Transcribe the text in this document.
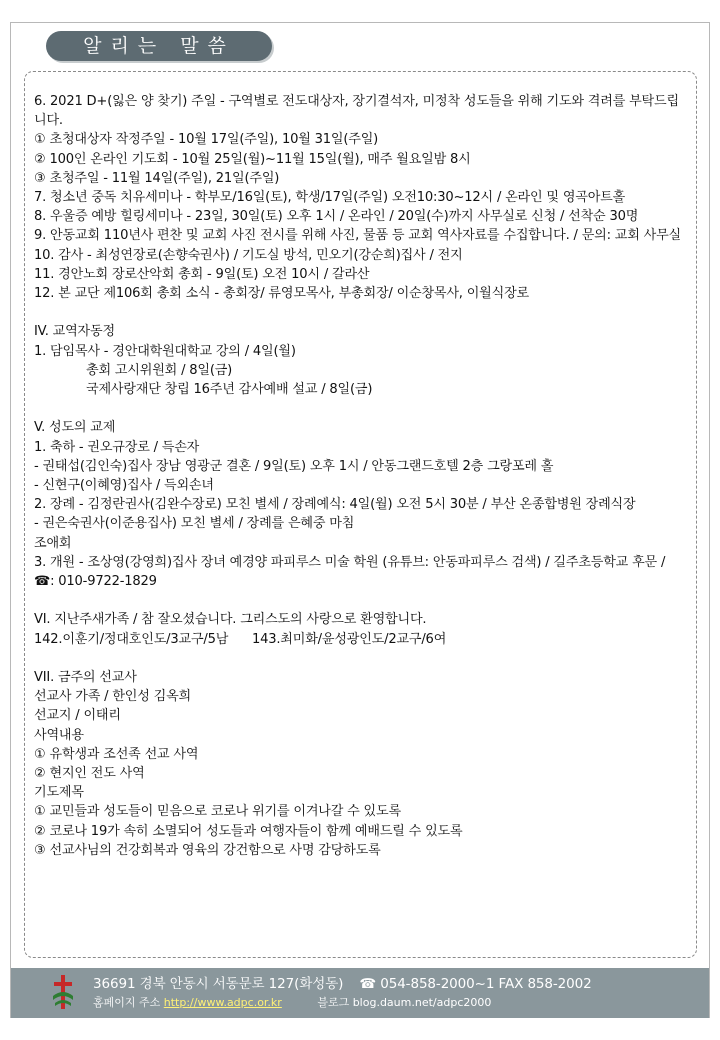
알리는 말씀
6. 2021 D+(잃은 양 찾기) 주일 - 구역별로 전도대상자, 장기결석자, 미정착 성도들을 위해 기도와 격려를 부탁드립니다.
① 초청대상자 작정주일 - 10월 17일(주일), 10월 31일(주일)
② 100인 온라인 기도회 - 10월 25일(월)~11월 15일(월), 매주 월요일밤 8시
③ 초청주일 - 11월 14일(주일), 21일(주일)
7. 청소년 중독 치유세미나 - 학부모/16일(토), 학생/17일(주일) 오전10:30~12시 / 온라인 및 영곡아트홀
8. 우울증 예방 힐링세미나 - 23일, 30일(토) 오후 1시 / 온라인 / 20일(수)까지 사무실로 신청 / 선착순 30명
9. 안동교회 110년사 편찬 및 교회 사진 전시를 위해 사진, 물품 등 교회 역사자료를 수집합니다. / 문의: 교회 사무실
10. 감사 - 최성연장로(손향숙권사) / 기도실 방석, 민오기(강순희)집사 / 전지
11. 경안노회 장로산악회 총회 - 9일(토) 오전 10시 / 갈라산
12. 본 교단 제106회 총회 소식 - 총회장/ 류영모목사, 부총회장/ 이순창목사, 이월식장로
IV. 교역자동정
1. 담임목사 - 경안대학원대학교 강의 / 4일(월)
총회 고시위원회 / 8일(금)
국제사랑재단 창립 16주년 감사예배 설교 / 8일(금)
V. 성도의 교제
1. 축하 - 권오규장로 / 득손자
- 권태섭(김인숙)집사 장남 영광군 결혼 / 9일(토) 오후 1시 / 안동그랜드호텔 2층 그랑포레 홀
- 신현구(이혜영)집사 / 득외손녀
2. 장례 - 김정란권사(김완수장로) 모친 별세 / 장례예식: 4일(월) 오전 5시 30분 / 부산 온종합병원 장례식장
- 권은숙권사(이준용집사) 모친 별세 / 장례를 은혜중 마침
조애회
3. 개원 - 조상영(강영희)집사 장녀 예경양 파피루스 미술 학원 (유튜브: 안동파피루스 검색) / 길주초등학교 후문 / ☎: 010-9722-1829
VI. 지난주새가족 / 참 잘오셨습니다. 그리스도의 사랑으로 환영합니다.
142.이훈기/정대호인도/3교구/5남      143.최미화/윤성광인도/2교구/6여
VII. 금주의 선교사
선교사 가족 / 한인성 김옥희
선교지 / 이태리
사역내용
① 유학생과 조선족 선교 사역
② 현지인 전도 사역
기도제목
① 교민들과 성도들이 믿음으로 코로나 위기를 이겨나갈 수 있도록
② 코로나 19가 속히 소멸되어 성도들과 여행자들이 함께 예배드릴 수 있도록
③ 선교사님의 건강회복과 영육의 강건함으로 사명 감당하도록
36691 경북 안동시 서동문로 127(화성동) ☎ 054-858-2000~1 FAX 858-2002
홈페이지 주소 http://www.adpc.or.kr	블로그 blog.daum.net/adpc2000
